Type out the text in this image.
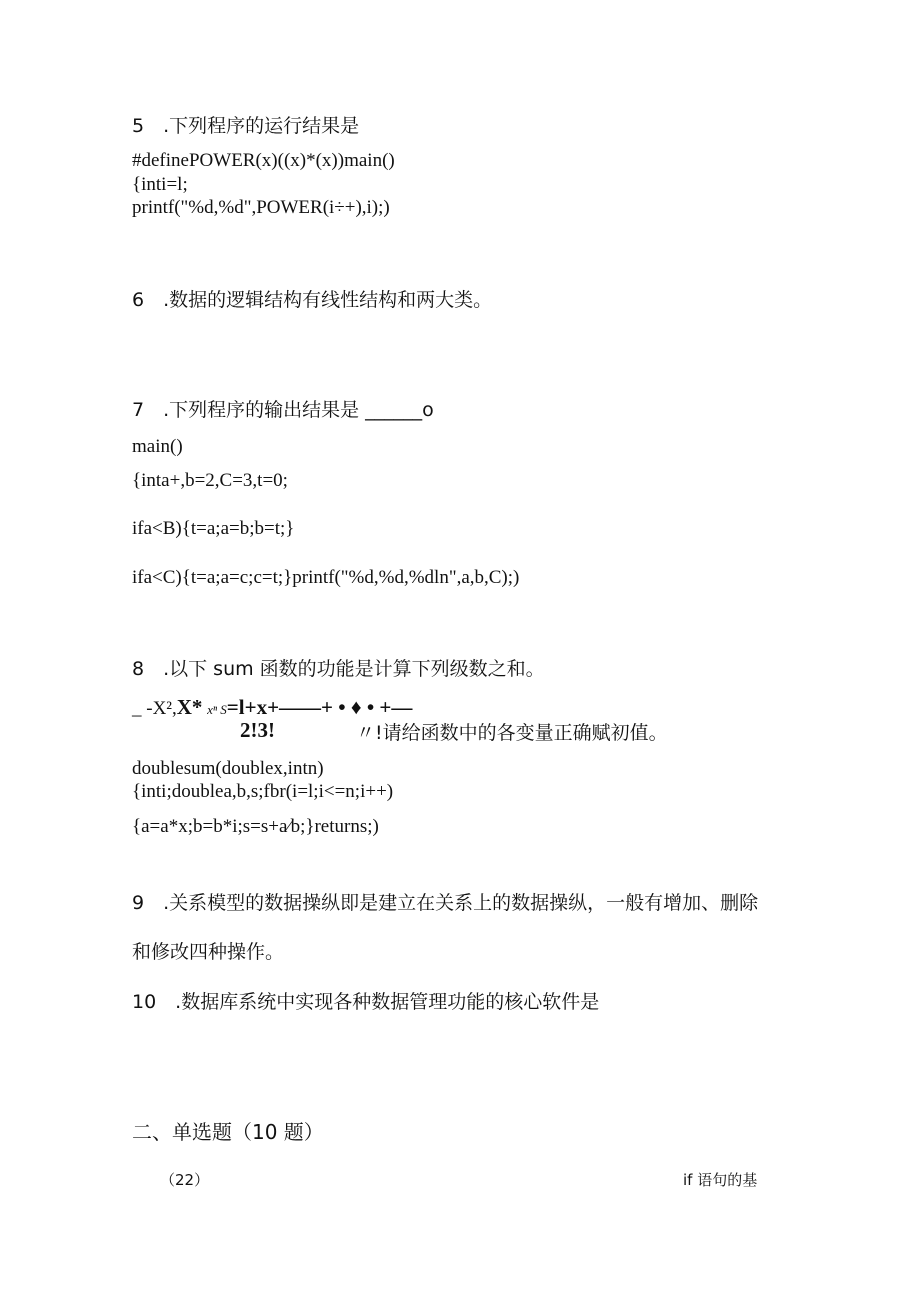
5　.下列程序的运行结果是
#definePOWER(x)((x)*(x))main()
{inti=l;
printf("%d,%d",POWER(i÷+),i);)
6　.数据的逻辑结构有线性结构和两大类。
7　.下列程序的输出结果是 ______o
main()
{inta+,b=2,C=3,t=0;
ifa<B){t=a;a=b;b=t;}
ifa<C){t=a;a=c;c=t;}printf("%d,%d,%dln",a,b,C);)
8　.以下 sum 函数的功能是计算下列级数之和。
_ -X²,X* xⁿ S=l+x+——+ • ♦ • +—
2!3!	〃!请给函数中的各变量正确赋初值。
doublesum(doublex,intn)
{inti;doublea,b,s;fbr(i=l;i<=n;i++)
{a=a*x;b=b*i;s=s+a∕b;}returns;)
9　.关系模型的数据操纵即是建立在关系上的数据操纵，一般有增加、删除
和修改四种操作。
10　.数据库系统中实现各种数据管理功能的核心软件是
二、单选题（10 题）
（22）	if 语句的基
